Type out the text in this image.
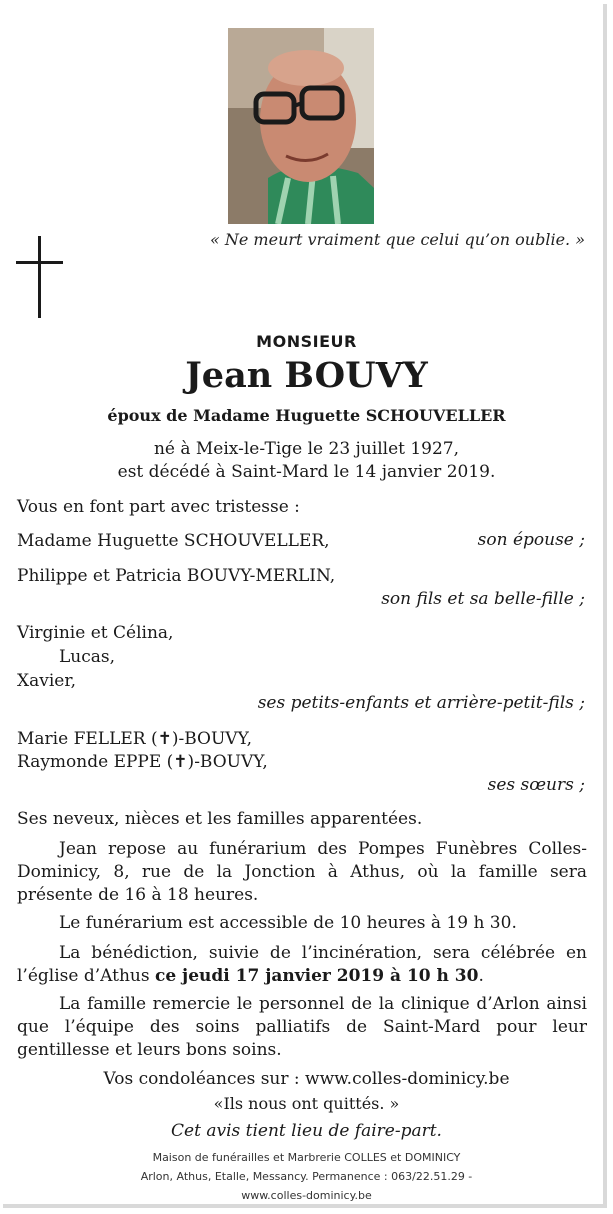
« Ne meurt vraiment que celui qu’on oublie. »
MONSIEUR
Jean BOUVY
époux de Madame Huguette SCHOUVELLER
né à Meix-le-Tige le 23 juillet 1927,
est décédé à Saint-Mard le 14 janvier 2019.
Vous en font part avec tristesse :
Madame Huguette SCHOUVELLER,	son épouse ;
Philippe et Patricia BOUVY-MERLIN,
son fils et sa belle-fille ;
Virginie et Célina,
Lucas,
Xavier,
ses petits-enfants et arrière-petit-fils ;
Marie FELLER (✝)-BOUVY,
Raymonde EPPE (✝)-BOUVY,
ses sœurs ;
Ses neveux, nièces et les familles apparentées.
Jean repose au funérarium des Pompes Funèbres Colles-Dominicy, 8, rue de la Jonction à Athus, où la famille sera présente de 16 à 18 heures.
Le funérarium est accessible de 10 heures à 19 h 30.
La bénédiction, suivie de l’incinération, sera célébrée en l’église d’Athus ce jeudi 17 janvier 2019 à 10 h 30.
La famille remercie le personnel de la clinique d’Arlon ainsi que l’équipe des soins palliatifs de Saint-Mard pour leur gentillesse et leurs bons soins.
Vos condoléances sur : www.colles-dominicy.be
«Ils nous ont quittés. »
Cet avis tient lieu de faire-part.
Maison de funérailles et Marbrerie COLLES et DOMINICY
Arlon, Athus, Etalle, Messancy. Permanence : 063/22.51.29 -
www.colles-dominicy.be
